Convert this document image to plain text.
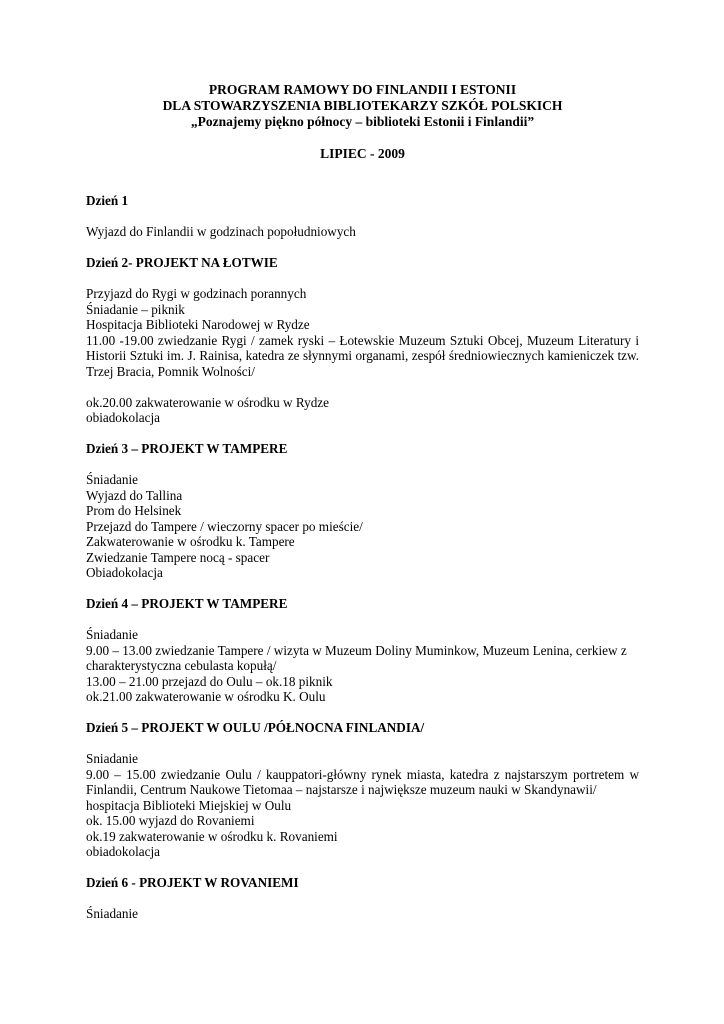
PROGRAM RAMOWY DO FINLANDII I ESTONII
DLA STOWARZYSZENIA BIBLIOTEKARZY SZKÓŁ POLSKICH
„Poznajemy piękno północy – biblioteki Estonii i Finlandii”
LIPIEC - 2009
Dzień 1
Wyjazd do Finlandii w godzinach popołudniowych
Dzień 2- PROJEKT NA ŁOTWIE
Przyjazd do Rygi w godzinach porannych
Śniadanie – piknik
Hospitacja Biblioteki Narodowej w Rydze
11.00 -19.00 zwiedzanie Rygi / zamek ryski – Łotewskie Muzeum Sztuki Obcej, Muzeum Literatury i Historii Sztuki im. J. Rainisa, katedra ze słynnymi organami, zespół średniowiecznych kamieniczek tzw. Trzej Bracia, Pomnik Wolności/
ok.20.00 zakwaterowanie w ośrodku w Rydze
obiadokolacja
Dzień 3 – PROJEKT W TAMPERE
Śniadanie
Wyjazd do Tallina
Prom do Helsinek
Przejazd do Tampere / wieczorny spacer po mieście/
Zakwaterowanie w ośrodku k. Tampere
Zwiedzanie Tampere nocą - spacer
Obiadokolacja
Dzień 4 – PROJEKT W TAMPERE
Śniadanie
9.00 – 13.00 zwiedzanie Tampere / wizyta w Muzeum Doliny Muminkow, Muzeum Lenina, cerkiew z charakterystyczna cebulasta kopułą/
13.00 – 21.00 przejazd do Oulu – ok.18 piknik
ok.21.00 zakwaterowanie w ośrodku K. Oulu
Dzień 5 – PROJEKT W OULU /PÓŁNOCNA FINLANDIA/
Sniadanie
9.00 – 15.00 zwiedzanie Oulu / kauppatori-główny rynek miasta, katedra z najstarszym portretem w Finlandii, Centrum Naukowe Tietomaa – najstarsze i największe muzeum nauki w Skandynawii/
hospitacja Biblioteki Miejskiej w Oulu
ok. 15.00 wyjazd do Rovaniemi
ok.19 zakwaterowanie w ośrodku k. Rovaniemi
obiadokolacja
Dzień 6 - PROJEKT W ROVANIEMI
Śniadanie
